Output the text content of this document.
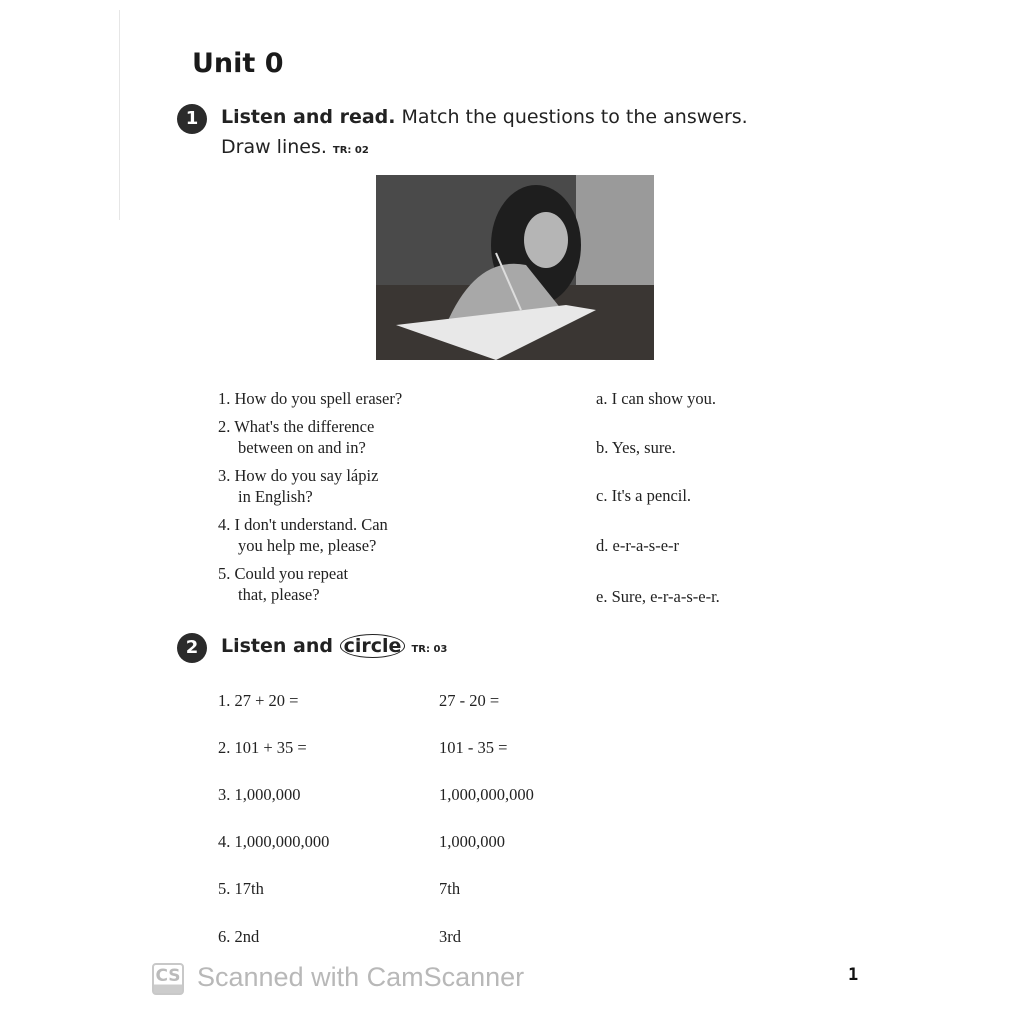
Unit 0
1	Listen and read. Match the questions to the answers.
Draw lines. TR: 02
1. How do you spell eraser?
2. What's the difference
between on and in?
3. How do you say lápiz
in English?
4. I don't understand. Can
you help me, please?
5. Could you repeat
that, please?
a. I can show you.
b. Yes, sure.
c. It's a pencil.
d. e-r-a-s-e-r
e. Sure, e-r-a-s-e-r.
2	Listen and circle TR: 03
1. 27 + 20 =	27 - 20 =
2. 101 + 35 =	101 - 35 =
3. 1,000,000	1,000,000,000
4. 1,000,000,000	1,000,000
5. 17th	7th
6. 2nd	3rd
CS Scanned with CamScanner	1
